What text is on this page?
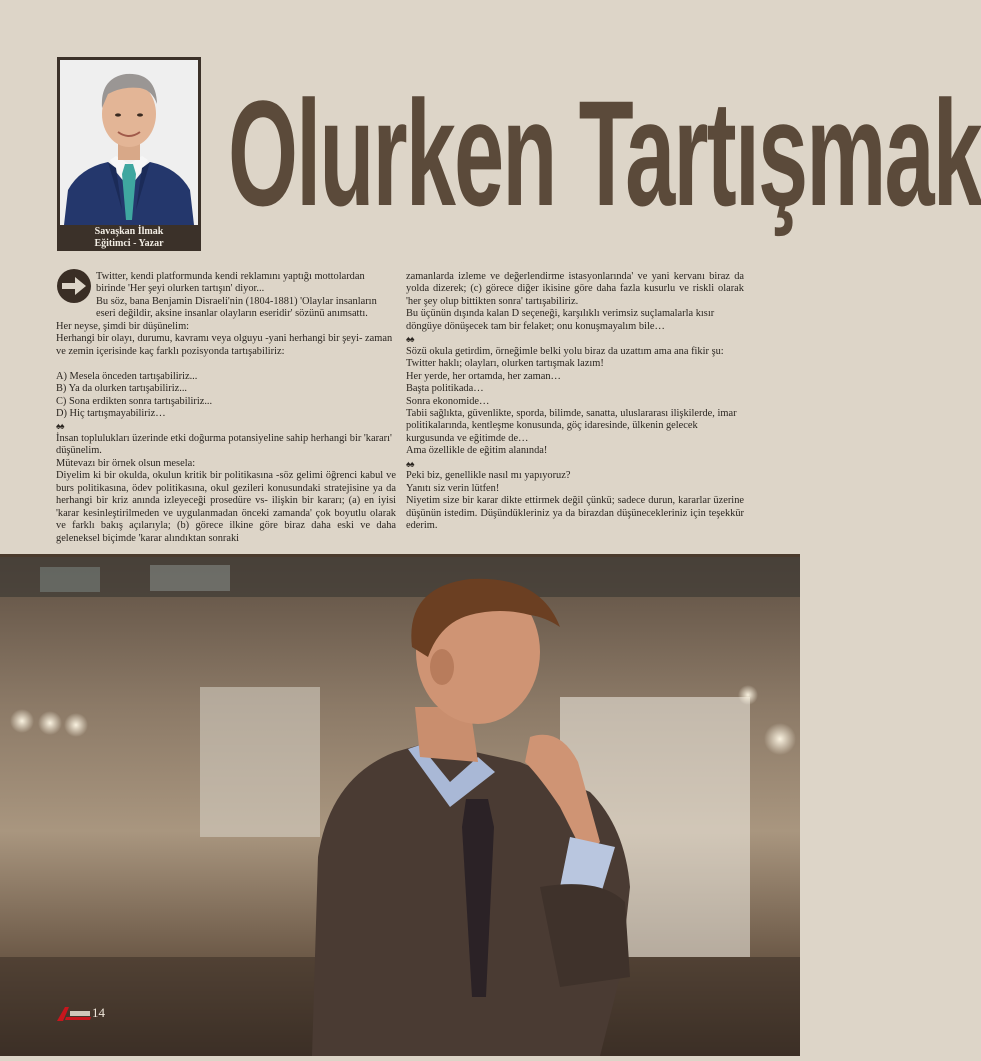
Savaşkan İlmak
Eğitimci - Yazar
Olurken Tartışmak

Twitter, kendi platformunda kendi reklamını yaptığı mottolardan birinde 'Her şeyi olurken tartışın' diyor...

Bu söz, bana Benjamin Disraeli'nin (1804-1881) 'Olaylar insanların eseri değildir, aksine insanlar olayların eseridir' sözünü anımsattı.

Her neyse, şimdi bir düşünelim:

Herhangi bir olayı, durumu, kavramı veya olguyu -yani herhangi bir şeyi- zaman ve zemin içerisinde kaç farklı pozisyonda tartışabiliriz:

A) Mesela önceden tartışabiliriz...

B) Ya da olurken tartışabiliriz...

C) Sona erdikten sonra tartışabiliriz...

D) Hiç tartışmayabiliriz…

♠♠

İnsan toplulukları üzerinde etki doğurma potansiyeline sahip herhangi bir 'kararı' düşünelim.

Mütevazı bir örnek olsun mesela:

Diyelim ki bir okulda, okulun kritik bir politikasına -söz gelimi öğrenci kabul ve burs politikasına, ödev politikasına, okul gezileri konusundaki stratejisine ya da herhangi bir kriz anında izleyeceği prosedüre vs- ilişkin bir kararı; (a) en iyisi 'karar kesinleştirilmeden ve uygulanmadan önceki zamanda' çok boyutlu olarak ve farklı bakış açılarıyla; (b) görece ilkine göre biraz daha eski ve daha geleneksel biçimde 'karar alındıktan sonraki

zamanlarda izleme ve değerlendirme istasyonlarında' ve yani kervanı biraz da yolda dizerek; (c) görece diğer ikisine göre daha fazla kusurlu ve riskli olarak 'her şey olup bittikten sonra' tartışabiliriz.

Bu üçünün dışında kalan D seçeneği, karşılıklı verimsiz suçlamalarla kısır döngüye dönüşecek tam bir felaket; onu konuşmayalım bile…

♠♠

Sözü okula getirdim, örneğimle belki yolu biraz da uzattım ama ana fikir şu:

Twitter haklı; olayları, olurken tartışmak lazım!

Her yerde, her ortamda, her zaman…

Başta politikada…

Sonra ekonomide…

Tabii sağlıkta, güvenlikte, sporda, bilimde, sanatta, uluslararası ilişkilerde, imar politikalarında, kentleşme konusunda, göç idaresinde, ülkenin gelecek kurgusunda ve eğitimde de…

Ama özellikle de eğitim alanında!

♠♠

Peki biz, genellikle nasıl mı yapıyoruz?

Yanıtı siz verin lütfen!

Niyetim size bir karar dikte ettirmek değil çünkü; sadece durun, kararlar üzerine düşünün istedim. Düşündükleriniz ya da birazdan düşünecekleriniz için teşekkür ederim.

14
